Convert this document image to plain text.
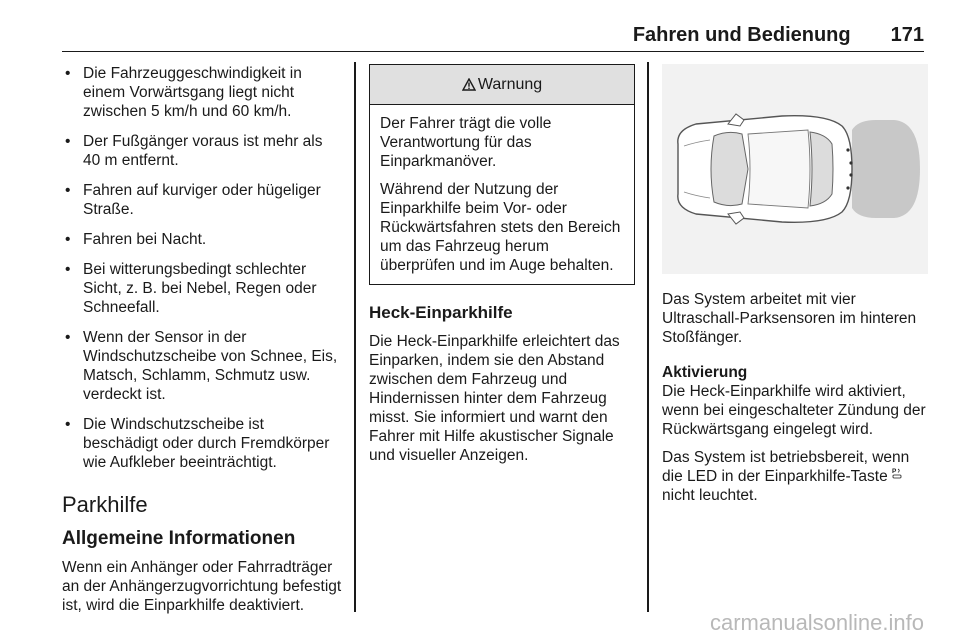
Fahren und Bedienung 171
• Die Fahrzeuggeschwindigkeit in einem Vorwärtsgang liegt nicht zwischen 5 km/h und 60 km/h.
• Der Fußgänger voraus ist mehr als 40 m entfernt.
• Fahren auf kurviger oder hügeliger Straße.
• Fahren bei Nacht.
• Bei witterungsbedingt schlechter Sicht, z. B. bei Nebel, Regen oder Schneefall.
• Wenn der Sensor in der Windschutzscheibe von Schnee, Eis, Matsch, Schlamm, Schmutz usw. verdeckt ist.
• Die Windschutzscheibe ist beschädigt oder durch Fremdkörper wie Aufkleber beeinträchtigt.
Parkhilfe
Allgemeine Informationen

Wenn ein Anhänger oder Fahrradträger an der Anhängerzugvorrichtung befestigt ist, wird die Einparkhilfe deaktiviert.

Warnung

Der Fahrer trägt die volle Verantwortung für das Einparkmanöver.

Während der Nutzung der Einparkhilfe beim Vor- oder Rückwärtsfahren stets den Bereich um das Fahrzeug herum überprüfen und im Auge behalten.

Heck-Einparkhilfe

Die Heck-Einparkhilfe erleichtert das Einparken, indem sie den Abstand zwischen dem Fahrzeug und Hindernissen hinter dem Fahrzeug misst. Sie informiert und warnt den Fahrer mit Hilfe akustischer Signale und visueller Anzeigen.

Das System arbeitet mit vier Ultraschall-Parksensoren im hinteren Stoßfänger.

Aktivierung

Die Heck-Einparkhilfe wird aktiviert, wenn bei eingeschalteter Zündung der Rückwärtsgang eingelegt wird.

Das System ist betriebsbereit, wenn die LED in der Einparkhilfe-Taste P
nicht leuchtet.

carmanualsonline.info
